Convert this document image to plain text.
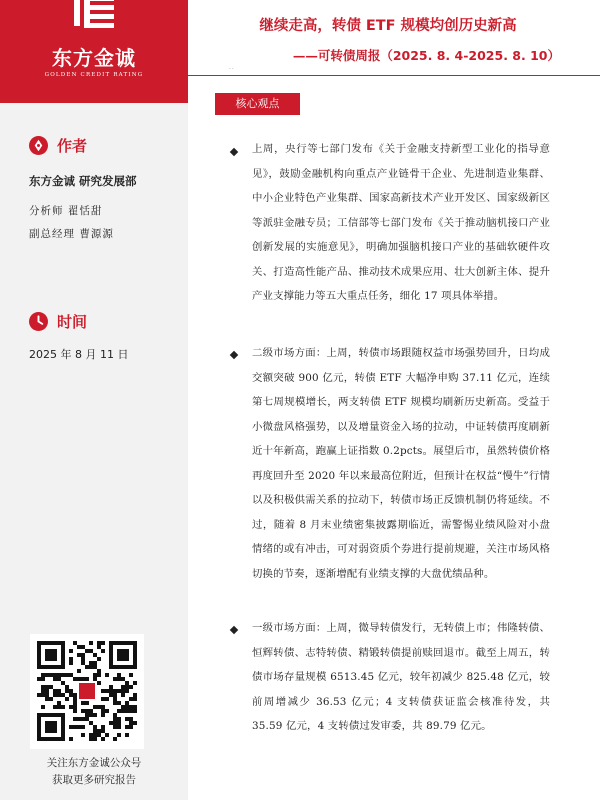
东方金诚
GOLDEN CREDIT RATING
作者
东方金诚 研究发展部
分析师 翟恬甜
副总经理 曹源源
时间
2025 年 8 月 11 日
关注东方金诚公众号
获取更多研究报告
继续走高，转债 ETF 规模均创历史新高
——可转债周报（2025. 8. 4-2025. 8. 10）
··
核心观点
上周，央行等七部门发布《关于金融支持新型工业化的指导意见》，鼓励金融机构向重点产业链骨干企业、先进制造业集群、中小企业特色产业集群、国家高新技术产业开发区、国家级新区等派驻金融专员；工信部等七部门发布《关于推动脑机接口产业创新发展的实施意见》，明确加强脑机接口产业的基础软硬件攻关、打造高性能产品、推动技术成果应用、壮大创新主体、提升产业支撑能力等五大重点任务，细化 17 项具体举措。
二级市场方面：上周，转债市场跟随权益市场强势回升，日均成交额突破 900 亿元，转债 ETF 大幅净申购 37.11 亿元，连续第七周规模增长，两支转债 ETF 规模均刷新历史新高。受益于小微盘风格强势，以及增量资金入场的拉动，中证转债再度刷新近十年新高，跑赢上证指数 0.2pcts。展望后市，虽然转债价格再度回升至 2020 年以来最高位附近，但预计在权益“慢牛”行情以及积极供需关系的拉动下，转债市场正反馈机制仍将延续。不过，随着 8 月末业绩密集披露期临近，需警惕业绩风险对小盘情绪的或有冲击，可对弱资质个券进行提前规避，关注市场风格切换的节奏，逐渐增配有业绩支撑的大盘优绩品种。
一级市场方面：上周，微导转债发行，无转债上市；伟隆转债、恒辉转债、志特转债、精锻转债提前赎回退市。截至上周五，转债市场存量规模 6513.45 亿元，较年初减少 825.48 亿元，较前周增减少 36.53 亿元；4 支转债获证监会核准待发，共 35.59 亿元，4 支转债过发审委，共 89.79 亿元。
